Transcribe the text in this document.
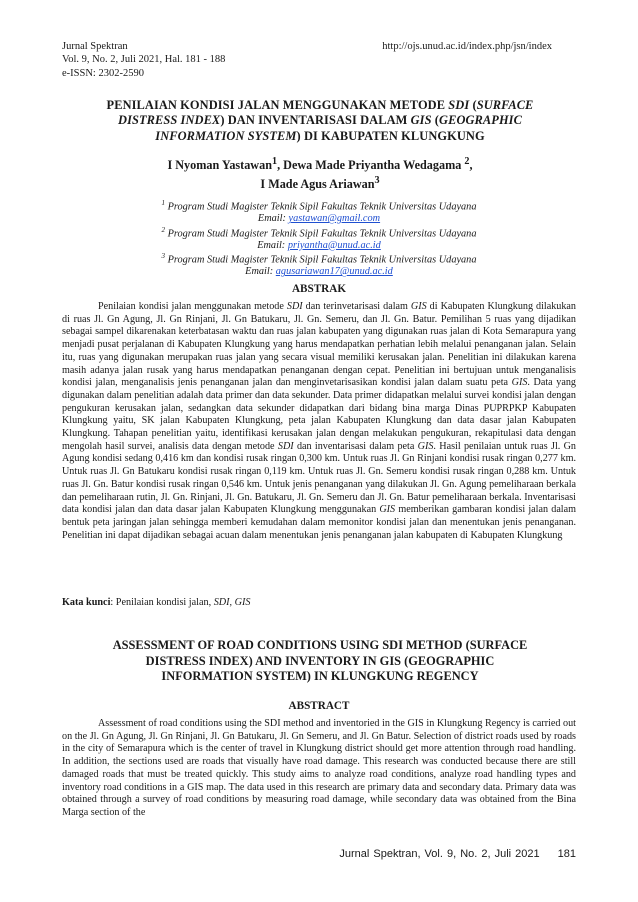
Jurnal Spektran
Vol. 9, No. 2, Juli 2021, Hal. 181 - 188
e-ISSN: 2302-2590
http://ojs.unud.ac.id/index.php/jsn/index
PENILAIAN KONDISI JALAN MENGGUNAKAN METODE SDI (SURFACE
DISTRESS INDEX) DAN INVENTARISASI DALAM GIS (GEOGRAPHIC
INFORMATION SYSTEM) DI KABUPATEN KLUNGKUNG
I Nyoman Yastawan$^1$, Dewa Made Priyantha Wedagama $^2$,
I Made Agus Ariawan$^3$
$^1$ Program Studi Magister Teknik Sipil Fakultas Teknik Universitas Udayana
Email: yastawan@gmail.com
$^2$ Program Studi Magister Teknik Sipil Fakultas Teknik Universitas Udayana
Email: priyantha@unud.ac.id
$^3$ Program Studi Magister Teknik Sipil Fakultas Teknik Universitas Udayana
Email: agusariawan17@unud.ac.id
ABSTRAK

Penilaian kondisi jalan menggunakan metode SDI dan terinvetarisasi dalam GIS di Kabupaten Klungkung dilakukan di ruas Jl. Gn Agung, Jl. Gn Rinjani, Jl. Gn Batukaru, Jl. Gn. Semeru, dan Jl. Gn. Batur. Pemilihan 5 ruas yang dijadikan sebagai sampel dikarenakan keterbatasan waktu dan ruas jalan kabupaten yang digunakan ruas jalan di Kota Semarapura yang menjadi pusat perjalanan di Kabupaten Klungkung yang harus mendapatkan perhatian lebih melalui penanganan jalan. Selain itu, ruas yang digunakan merupakan ruas jalan yang secara visual memiliki kerusakan jalan. Penelitian ini dilakukan karena masih adanya jalan rusak yang harus mendapatkan penanganan dengan cepat. Penelitian ini bertujuan untuk menganalisis kondisi jalan, menganalisis jenis penanganan jalan dan menginvetarisasikan kondisi jalan dalam suatu peta GIS. Data yang digunakan dalam penelitian adalah data primer dan data sekunder. Data primer didapatkan melalui survei kondisi jalan dengan pengukuran kerusakan jalan, sedangkan data sekunder didapatkan dari bidang bina marga Dinas PUPRPKP Kabupaten Klungkung yaitu, SK jalan Kabupaten Klungkung, peta jalan Kabupaten Klungkung dan data dasar jalan Kabupaten Klungkung. Tahapan penelitian yaitu, identifikasi kerusakan jalan dengan melakukan pengukuran, rekapitulasi data dengan mengolah hasil survei, analisis data dengan metode SDI dan inventarisasi dalam peta GIS. Hasil penilaian untuk ruas Jl. Gn Agung kondisi sedang 0,416 km dan kondisi rusak ringan 0,300 km. Untuk ruas Jl. Gn Rinjani kondisi rusak ringan 0,277 km. Untuk ruas Jl. Gn Batukaru kondisi rusak ringan 0,119 km. Untuk ruas Jl. Gn. Semeru kondisi rusak ringan 0,288 km. Untuk ruas Jl. Gn. Batur kondisi rusak ringan 0,546 km. Untuk jenis penanganan yang dilakukan Jl. Gn. Agung pemeliharaan berkala dan pemeliharaan rutin, Jl. Gn. Rinjani, Jl. Gn. Batukaru, Jl. Gn. Semeru dan Jl. Gn. Batur pemeliharaan berkala. Inventarisasi data kondisi jalan dan data dasar jalan Kabupaten Klungkung menggunakan GIS memberikan gambaran kondisi jalan dalam bentuk peta jaringan jalan sehingga memberi kemudahan dalam memonitor kondisi jalan dan menentukan jenis penanganan. Penelitian ini dapat dijadikan sebagai acuan dalam menentukan jenis penanganan jalan kabupaten di Kabupaten Klungkung

Kata kunci: Penilaian kondisi jalan, SDI, GIS
ASSESSMENT OF ROAD CONDITIONS USING SDI METHOD (SURFACE
DISTRESS INDEX) AND INVENTORY IN GIS (GEOGRAPHIC
INFORMATION SYSTEM) IN KLUNGKUNG REGENCY
ABSTRACT

Assessment of road conditions using the SDI method and inventoried in the GIS in Klungkung Regency is carried out on the Jl. Gn Agung, Jl. Gn Rinjani, Jl. Gn Batukaru, Jl. Gn Semeru, and Jl. Gn Batur. Selection of district roads used by roads in the city of Semarapura which is the center of travel in Klungkung district should get more attention through road handling. In addition, the sections used are roads that visually have road damage. This research was conducted because there are still damaged roads that must be treated quickly. This study aims to analyze road conditions, analyze road handling types and inventory road conditions in a GIS map. The data used in this research are primary data and secondary data. Primary data was obtained through a survey of road conditions by measuring road damage, while secondary data was obtained from the Bina Marga section of the

Jurnal Spektran, Vol. 9, No. 2, Juli 2021 181
